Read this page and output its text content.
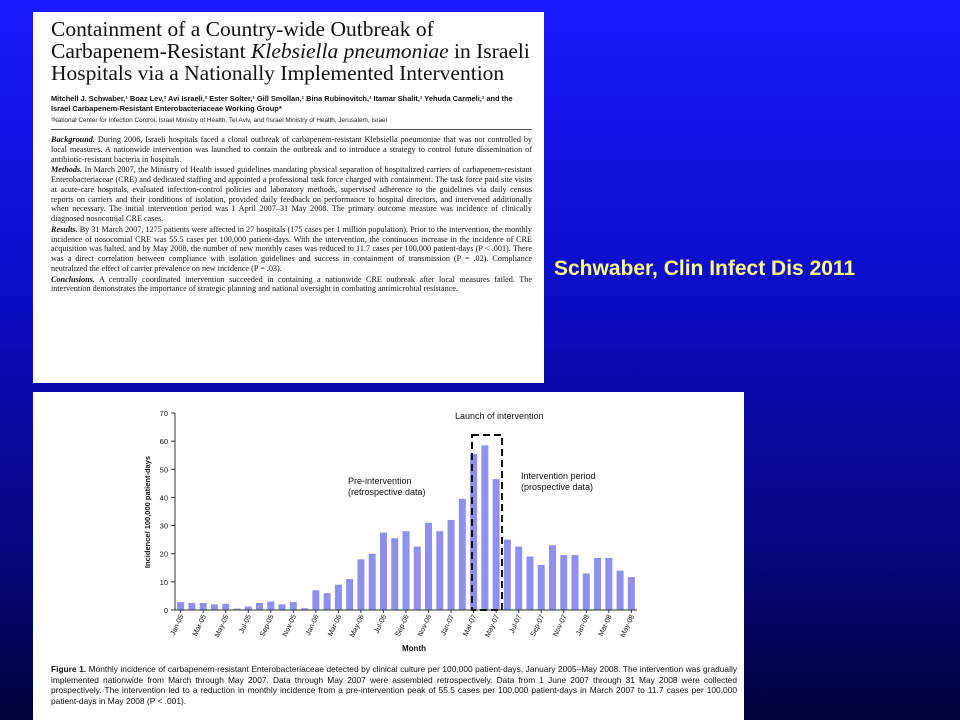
Containment of a Country-wide Outbreak of Carbapenem-Resistant Klebsiella pneumoniae in Israeli Hospitals via a Nationally Implemented Intervention

Mitchell J. Schwaber,¹ Boaz Lev,² Avi Israeli,² Ester Solter,¹ Gill Smollan,¹ Bina Rubinovitch,¹ Itamar Shalit,¹ Yehuda Carmeli,¹ and the Israel Carbapenem-Resistant Enterobacteriaceae Working Group*

¹National Center for Infection Control, Israel Ministry of Health, Tel Aviv, and ²Israel Ministry of Health, Jerusalem, Israel

Background. During 2006, Israeli hospitals faced a clonal outbreak of carbapenem-resistant Klebsiella pneumoniae that was not controlled by local measures. A nationwide intervention was launched to contain the outbreak and to introduce a strategy to control future dissemination of antibiotic-resistant bacteria in hospitals.

Methods. In March 2007, the Ministry of Health issued guidelines mandating physical separation of hospitalized carriers of carbapenem-resistant Enterobacteriaceae (CRE) and dedicated staffing and appointed a professional task force charged with containment. The task force paid site visits at acute-care hospitals, evaluated infection-control policies and laboratory methods, supervised adherence to the guidelines via daily census reports on carriers and their conditions of isolation, provided daily feedback on performance to hospital directors, and intervened additionally when necessary. The initial intervention period was 1 April 2007–31 May 2008. The primary outcome measure was incidence of clinically diagnosed nosocomial CRE cases.

Results. By 31 March 2007, 1275 patients were affected in 27 hospitals (175 cases per 1 million population). Prior to the intervention, the monthly incidence of nosocomial CRE was 55.5 cases per 100,000 patient-days. With the intervention, the continuous increase in the incidence of CRE acquisition was halted, and by May 2008, the number of new monthly cases was reduced to 11.7 cases per 100,000 patient-days (P < .001). There was a direct correlation between compliance with isolation guidelines and success in containment of transmission (P = .02). Compliance neutralized the effect of carrier prevalence on new incidence (P = .03).

Conclusions. A centrally coordinated intervention succeeded in containing a nationwide CRE outbreak after local measures failed. The intervention demonstrates the importance of strategic planning and national oversight in combating antimicrobial resistance.

Schwaber, Clin Infect Dis 2011
0
10
20
30
40
50
60
70
Jan-05 Mar-05 May-05 Jul-05 Sep-05 Nov-05 Jan-06 Mar-06 May-06 Jul-06 Sep-06 Nov-06 Jan-07 Mar-07 May-07 Jul-07 Sep-07 Nov-07 Jan-08 Mar-08 May-08
Month
Incidence/ 100,000 patient-days
Launch of intervention
Pre-intervention
(retrospective data)
Intervention period
(prospective data)
Figure 1. Monthly incidence of carbapenem-resistant Enterobacteriaceae detected by clinical culture per 100,000 patient-days, January 2005–May 2008. The intervention was gradually implemented nationwide from March through May 2007. Data through May 2007 were assembled retrospectively. Data from 1 June 2007 through 31 May 2008 were collected prospectively. The intervention led to a reduction in monthly incidence from a pre-intervention peak of 55.5 cases per 100,000 patient-days in March 2007 to 11.7 cases per 100,000 patient-days in May 2008 (P < .001).
